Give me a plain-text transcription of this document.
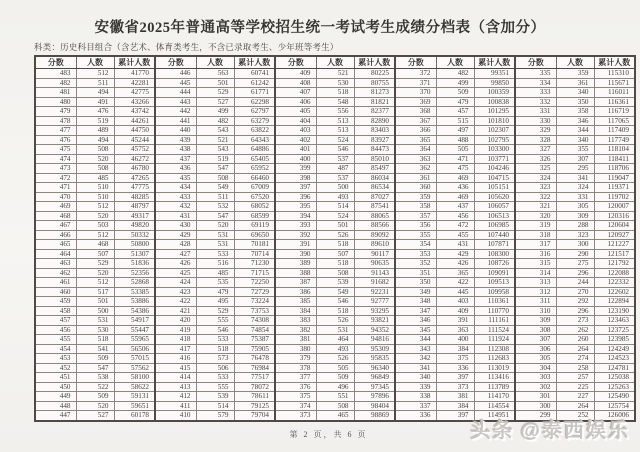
安徽省2025年普通高等学校招生统一考试考生成绩分档表（含加分）
科类：历史科目组合（含艺术、体育类考生，不含已录取考生、少年班等考生）
分数	人数	累计人数	分数	人数	累计人数	分数	人数	累计人数	分数	人数	累计人数	分数	人数	累计人数
483	512	41770	446	563	60741	409	521	80225	372	482	99351	335	359	115310
482	511	42281	445	501	61242	408	530	80755	371	499	99850	334	361	115671
481	494	42775	444	529	61771	407	518	81273	370	509	100359	333	340	116011
480	491	43266	443	527	62298	406	548	81821	369	479	100838	332	350	116361
479	476	43742	442	499	62797	405	556	82377	368	457	101295	331	358	116719
478	519	44261	441	482	63279	404	513	82890	367	515	101810	330	346	117065
477	489	44750	440	543	63822	403	513	83403	366	497	102307	329	344	117409
476	494	45244	439	521	64343	402	524	83927	365	488	102795	328	340	117749
475	508	45752	438	543	64886	401	546	84473	364	505	103300	327	355	118104
474	520	46272	437	519	65405	400	537	85010	363	471	103771	326	307	118411
473	508	46780	436	547	65952	399	487	85497	362	475	104246	325	295	118706
472	485	47265	435	508	66460	398	537	86034	361	469	104715	324	341	119047
471	510	47775	434	549	67009	397	500	86534	360	436	105151	323	324	119371
470	510	48285	433	511	67520	396	493	87027	359	469	105620	322	331	119702
469	512	48797	432	532	68052	395	514	87541	358	437	106057	321	305	120007
468	520	49317	431	547	68599	394	524	88065	357	456	106513	320	309	120316
467	503	49820	430	520	69119	393	501	88566	356	472	106985	319	288	120604
466	512	50332	429	531	69650	392	526	89092	355	455	107440	318	323	120927
465	468	50800	428	531	70181	391	518	89610	354	431	107871	317	300	121227
464	507	51307	427	533	70714	390	507	90117	353	429	108300	316	290	121517
463	529	51836	426	516	71230	389	518	90635	352	426	108726	315	275	121792
462	520	52356	425	485	71715	388	508	91143	351	365	109091	314	296	122088
461	512	52868	424	535	72250	387	539	91682	350	422	109513	313	244	122332
460	517	53385	423	479	72729	386	549	92231	349	445	109958	312	270	122602
459	501	53886	422	495	73224	385	546	92777	348	403	110361	311	292	122894
458	500	54386	421	529	73753	384	518	93295	347	409	110770	310	296	123190
457	531	54917	420	555	74308	383	526	93821	346	391	111161	309	273	123463
456	530	55447	419	546	74854	382	531	94352	345	363	111524	308	262	123725
455	518	55965	418	533	75387	381	464	94816	344	400	111924	307	260	123985
454	541	56506	417	518	75905	380	493	95309	343	384	112308	306	264	124249
453	509	57015	416	573	76478	379	526	95835	342	375	112683	305	274	124523
452	547	57562	415	506	76984	378	505	96340	341	336	113019	304	258	124781
451	538	58100	414	533	77517	377	509	96849	340	397	113416	303	257	125038
450	522	58622	413	555	78072	376	496	97345	339	373	113789	302	225	125263
449	509	59131	412	539	78611	375	551	97896	338	381	114170	301	227	125490
448	520	59651	411	514	79125	374	508	98404	337	384	114554	300	264	125754
447	527	60178	410	579	79704	373	465	98869	336	397	114951	299	252	126006
第 2 页，共 6 页	头条 @泰西娱乐
